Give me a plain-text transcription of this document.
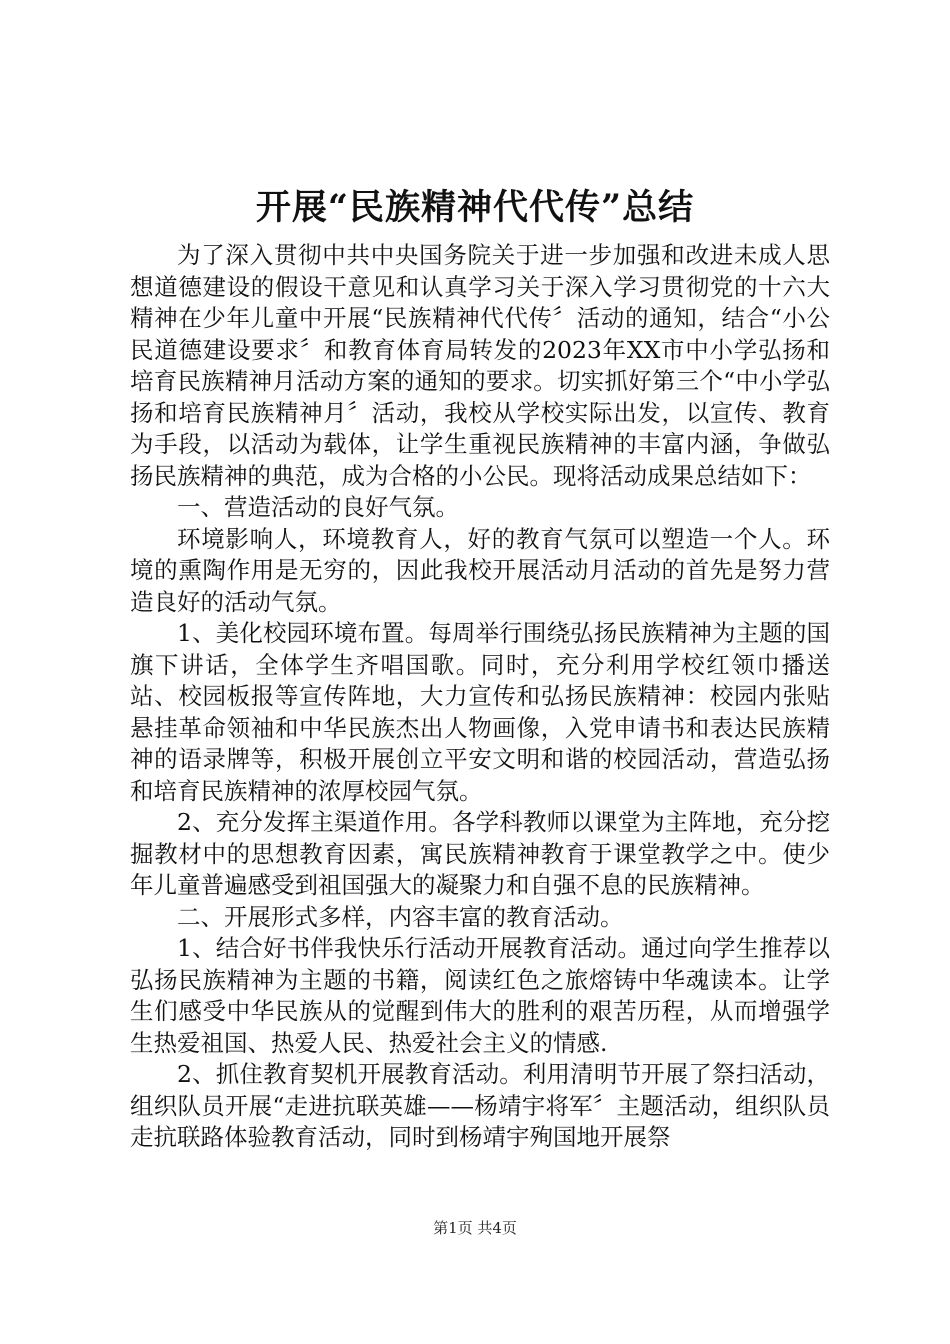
开展“民族精神代代传”总结

为了深入贯彻中共中央国务院关于进一步加强和改进未成人思想道德建设的假设干意见和认真学习关于深入学习贯彻党的十六大精神在少年儿童中开展“民族精神代代传〞活动的通知，结合“小公民道德建设要求〞和教育体育局转发的2023年XX市中小学弘扬和培育民族精神月活动方案的通知的要求。切实抓好第三个“中小学弘扬和培育民族精神月〞活动，我校从学校实际出发，以宣传、教育为手段，以活动为载体，让学生重视民族精神的丰富内涵，争做弘扬民族精神的典范，成为合格的小公民。现将活动成果总结如下：

一、营造活动的良好气氛。

环境影响人，环境教育人，好的教育气氛可以塑造一个人。环境的熏陶作用是无穷的，因此我校开展活动月活动的首先是努力营造良好的活动气氛。

1、美化校园环境布置。每周举行围绕弘扬民族精神为主题的国旗下讲话，全体学生齐唱国歌。同时，充分利用学校红领巾播送站、校园板报等宣传阵地，大力宣传和弘扬民族精神：校园内张贴悬挂革命领袖和中华民族杰出人物画像，入党申请书和表达民族精神的语录牌等，积极开展创立平安文明和谐的校园活动，营造弘扬和培育民族精神的浓厚校园气氛。

2、充分发挥主渠道作用。各学科教师以课堂为主阵地，充分挖掘教材中的思想教育因素，寓民族精神教育于课堂教学之中。使少年儿童普遍感受到祖国强大的凝聚力和自强不息的民族精神。

二、开展形式多样，内容丰富的教育活动。

1、结合好书伴我快乐行活动开展教育活动。通过向学生推荐以弘扬民族精神为主题的书籍，阅读红色之旅熔铸中华魂读本。让学生们感受中华民族从的觉醒到伟大的胜利的艰苦历程，从而增强学生热爱祖国、热爱人民、热爱社会主义的情感.

2、抓住教育契机开展教育活动。利用清明节开展了祭扫活动，组织队员开展“走进抗联英雄——杨靖宇将军〞主题活动，组织队员走抗联路体验教育活动，同时到杨靖宇殉国地开展祭

第1页 共4页
